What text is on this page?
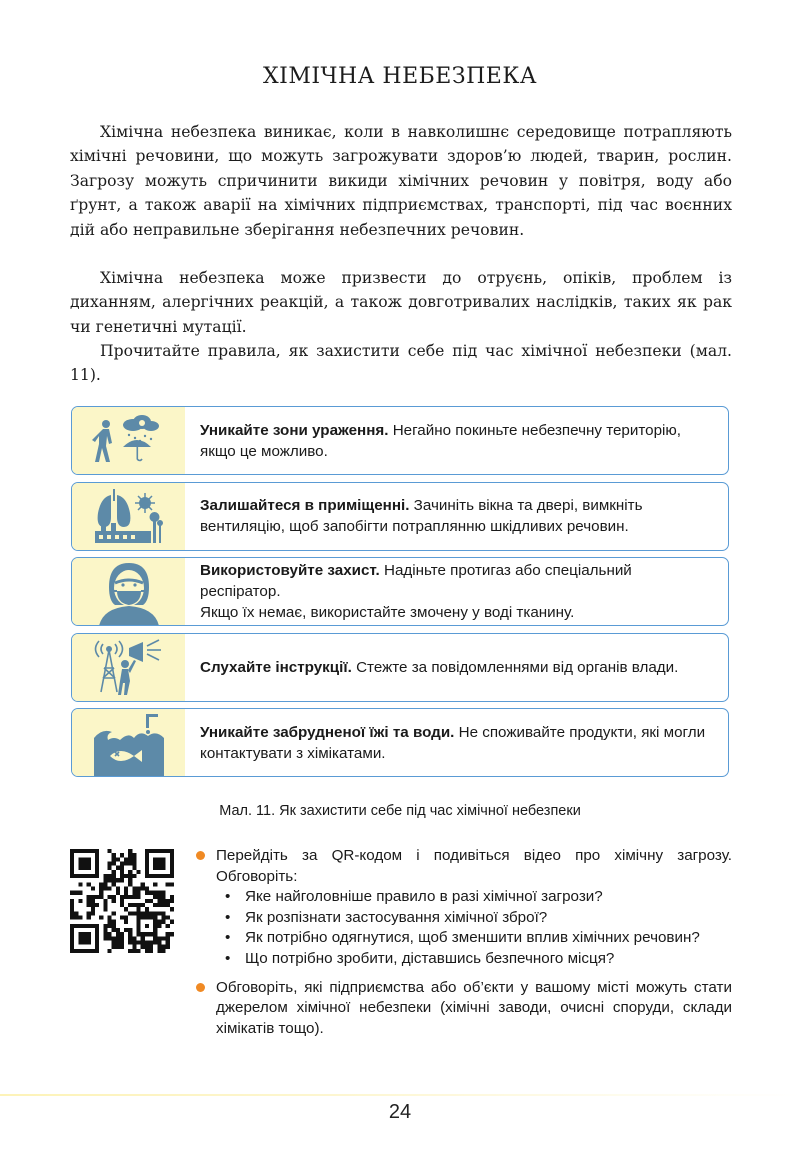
ХІМІЧНА НЕБЕЗПЕКА

Хімічна небезпека виникає, коли в навколишнє середовище потрапляють хімічні речовини, що можуть загрожувати здоров’ю людей, тварин, рослин. Загрозу можуть спричинити викиди хімічних речовин у повітря, воду або ґрунт, а також аварії на хімічних підприємствах, транспорті, під час воєнних дій або неправильне зберігання небезпечних речовин.

Хімічна небезпека може призвести до отруєнь, опіків, проблем із диханням, алергічних реакцій, а також довготривалих наслідків, таких як рак чи генетичні мутації.

Прочитайте правила, як захистити себе під час хімічної небезпеки (мал. 11).

Уникайте зони ураження. Негайно покиньте небезпечну територію, якщо це можливо.
Залишайтеся в приміщенні. Зачиніть вікна та двері, вимкніть вентиляцію, щоб запобігти потраплянню шкідливих речовин.
Використовуйте захист. Надіньте протигаз або спеціальний респіратор.
Якщо їх немає, використайте змочену у воді тканину.
Слухайте інструкції. Стежте за повідомленнями від органів влади.
Уникайте забрудненої їжі та води. Не споживайте продукти, які могли контактувати з хімікатами.
Мал. 11. Як захистити себе під час хімічної небезпеки
Перейдіть за QR-кодом і подивіться відео про хімічну загрозу. Обговоріть:
• Яке найголовніше правило в разі хімічної загрози?
• Як розпізнати застосування хімічної зброї?
• Як потрібно одягнутися, щоб зменшити вплив хімічних речовин?
• Що потрібно зробити, діставшись безпечного місця?
Обговоріть, які підприємства або об’єкти у вашому місті можуть стати джерелом хімічної небезпеки (хімічні заводи, очисні споруди, склади хімікатів тощо).
24
